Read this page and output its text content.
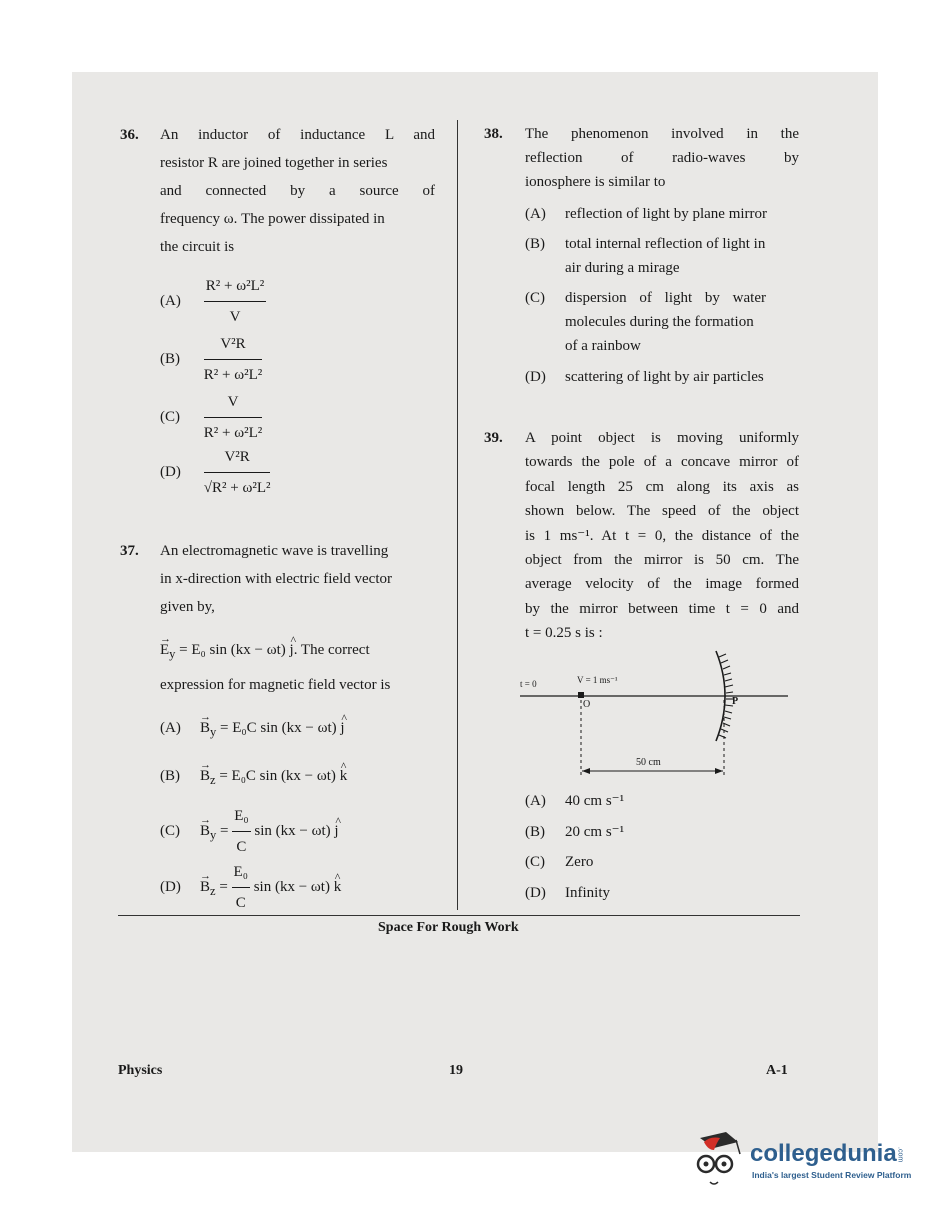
36. An inductor of inductance L and
resistor R are joined together in series
and connected by a source of
frequency ω. The power dissipated in
the circuit is
$(A) \frac{\text{R² + ω²L²}}{V}$
$(B) \frac{\text{V²R}}{\text{R² + ω²L²}}$
$(C) \frac{V}{\text{R² + ω²L²}}$
$(D) \frac{\text{V²R}}{\text{√R² + ω²L²}}$
37. An electromagnetic wave is travelling
in x-direction with electric field vector
given by,
→ $E_y = E_0$ sin (kx − ωt) ^ j. The correct
expression for magnetic field vector is
$(A) \to B_y = E_0C$ sin (kx − ωt) ^ j
$(B) \to B_z = E_0C$ sin (kx − ωt) ^ k
$(C) \to B_y = \frac{\text{E₀}}{C}$ sin (kx − ωt) ^ j
$(D) \to B_z = \frac{\text{E₀}}{C}$ sin (kx − ωt) ^ k
38. The phenomenon involved in the
reflection of radio-waves by
ionosphere is similar to
(A) reflection of light by plane mirror
(B) total internal reflection of light in
air during a mirage
(C) dispersion of light by water
molecules during the formation
of a rainbow
(D) scattering of light by air particles
39. A point object is moving uniformly
towards the pole of a concave mirror of
focal length 25 cm along its axis as
shown below. The speed of the object
is 1 ms⁻¹. At t = 0, the distance of the
object from the mirror is 50 cm. The
average velocity of the image formed
by the mirror between time t = 0 and
t = 0.25 s is :
t = 0	V = 1 ms⁻¹
O	P
50 cm
(A) 40 cm s⁻¹
(B) 20 cm s⁻¹
(C) Zero
(D) Infinity
Space For Rough Work
Physics	19	A-1
collegedunia.com
India's largest Student Review Platform
